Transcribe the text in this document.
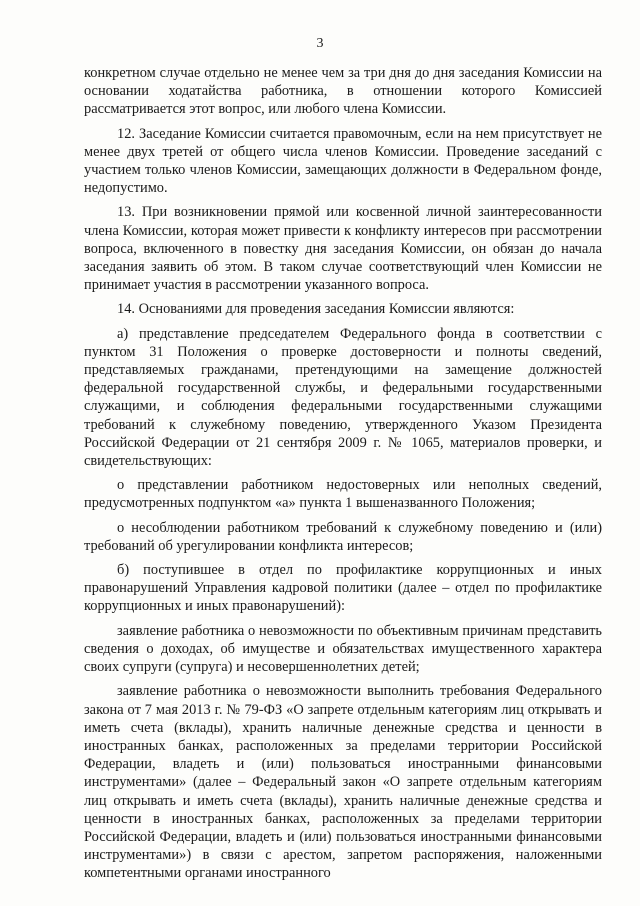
3

конкретном случае отдельно не менее чем за три дня до дня заседания Комиссии на основании ходатайства работника, в отношении которого Комиссией рассматривается этот вопрос, или любого члена Комиссии.

12. Заседание Комиссии считается правомочным, если на нем присутствует не менее двух третей от общего числа членов Комиссии. Проведение заседаний с участием только членов Комиссии, замещающих должности в Федеральном фонде, недопустимо.

13. При возникновении прямой или косвенной личной заинтересованности члена Комиссии, которая может привести к конфликту интересов при рассмотрении вопроса, включенного в повестку дня заседания Комиссии, он обязан до начала заседания заявить об этом. В таком случае соответствующий член Комиссии не принимает участия в рассмотрении указанного вопроса.

14. Основаниями для проведения заседания Комиссии являются:

а) представление председателем Федерального фонда в соответствии с пунктом 31 Положения о проверке достоверности и полноты сведений, представляемых гражданами, претендующими на замещение должностей федеральной государственной службы, и федеральными государственными служащими, и соблюдения федеральными государственными служащими требований к служебному поведению, утвержденного Указом Президента Российской Федерации от 21 сентября 2009 г. № 1065, материалов проверки, и свидетельствующих:

о представлении работником недостоверных или неполных сведений, предусмотренных подпунктом «а» пункта 1 вышеназванного Положения;

о несоблюдении работником требований к служебному поведению и (или) требований об урегулировании конфликта интересов;

б) поступившее в отдел по профилактике коррупционных и иных правонарушений Управления кадровой политики (далее – отдел по профилактике коррупционных и иных правонарушений):

заявление работника о невозможности по объективным причинам представить сведения о доходах, об имуществе и обязательствах имущественного характера своих супруги (супруга) и несовершеннолетних детей;

заявление работника о невозможности выполнить требования Федерального закона от 7 мая 2013 г. № 79-ФЗ «О запрете отдельным категориям лиц открывать и иметь счета (вклады), хранить наличные денежные средства и ценности в иностранных банках, расположенных за пределами территории Российской Федерации, владеть и (или) пользоваться иностранными финансовыми инструментами» (далее – Федеральный закон «О запрете отдельным категориям лиц открывать и иметь счета (вклады), хранить наличные денежные средства и ценности в иностранных банках, расположенных за пределами территории Российской Федерации, владеть и (или) пользоваться иностранными финансовыми инструментами») в связи с арестом, запретом распоряжения, наложенными компетентными органами иностранного
